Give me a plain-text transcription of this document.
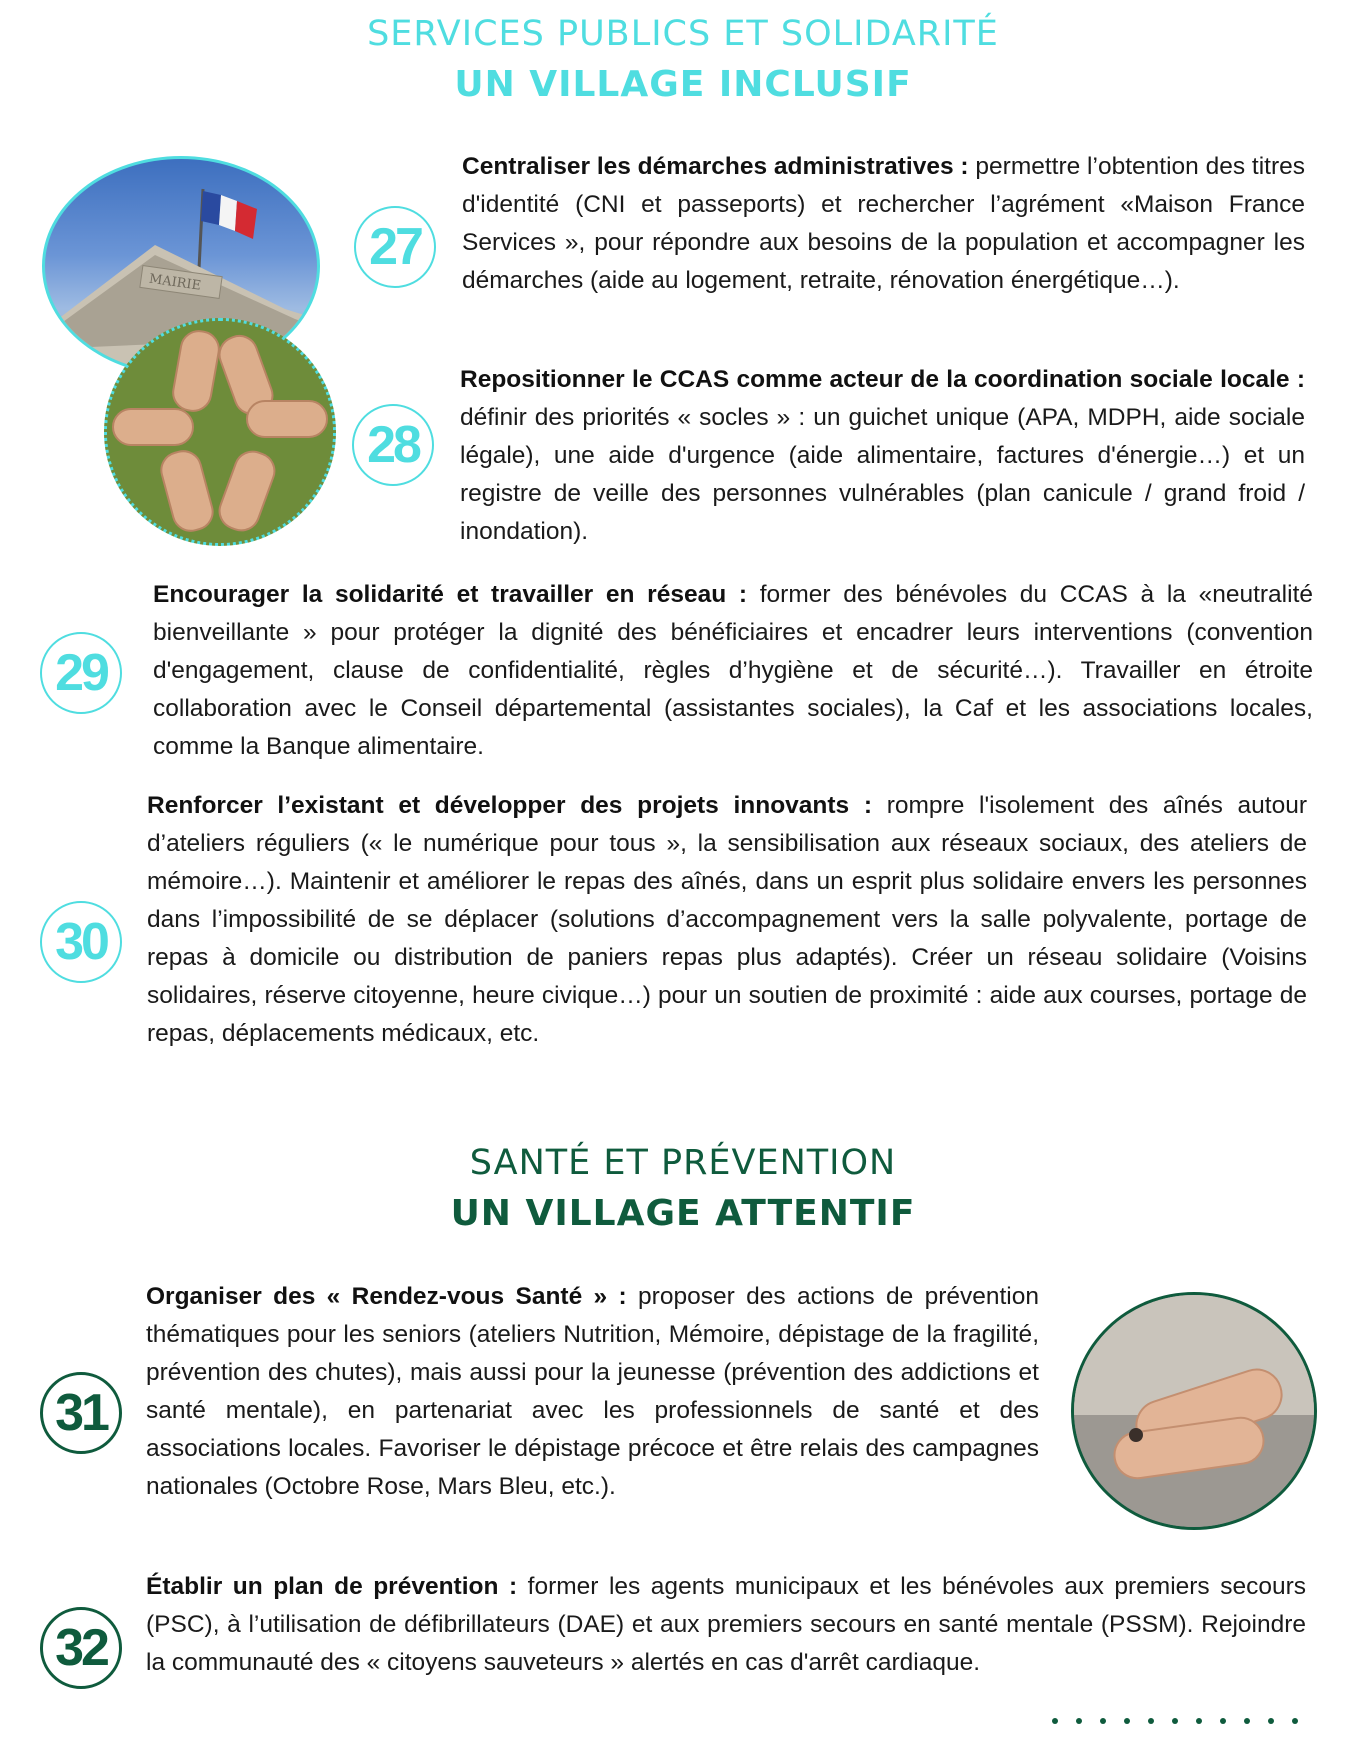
SERVICES PUBLICS ET SOLIDARITÉ
UN VILLAGE INCLUSIF
MAIRIE
27
Centraliser les démarches administratives : permettre l’obtention des titres d'identité (CNI et passeports) et rechercher l’agrément «Maison France Services », pour répondre aux besoins de la population et accompagner les démarches (aide au logement, retraite, rénovation énergétique…).
28
Repositionner le CCAS comme acteur de la coordination sociale locale : définir des priorités « socles » : un guichet unique (APA, MDPH, aide sociale légale), une aide d'urgence (aide alimentaire, factures d'énergie…) et un registre de veille des personnes vulnérables (plan canicule / grand froid / inondation).
29
Encourager la solidarité et travailler en réseau : former des bénévoles du CCAS à la «neutralité bienveillante » pour protéger la dignité des bénéficiaires et encadrer leurs interventions (convention d'engagement, clause de confidentialité, règles d’hygiène et de sécurité…). Travailler en étroite collaboration avec le Conseil départemental (assistantes sociales), la Caf et les associations locales, comme la Banque alimentaire.
30
Renforcer l’existant et développer des projets innovants : rompre l'isolement des aînés autour d’ateliers réguliers (« le numérique pour tous », la sensibilisation aux réseaux sociaux, des ateliers de mémoire…). Maintenir et améliorer le repas des aînés, dans un esprit plus solidaire envers les personnes dans l’impossibilité de se déplacer (solutions d’accompagnement vers la salle polyvalente, portage de repas à domicile ou distribution de paniers repas plus adaptés). Créer un réseau solidaire (Voisins solidaires, réserve citoyenne, heure civique…) pour un soutien de proximité : aide aux courses, portage de repas, déplacements médicaux, etc.
SANTÉ ET PRÉVENTION
UN VILLAGE ATTENTIF
31
Organiser des « Rendez-vous Santé » : proposer des actions de prévention thématiques pour les seniors (ateliers Nutrition, Mémoire, dépistage de la fragilité, prévention des chutes), mais aussi pour la jeunesse (prévention des addictions et santé mentale), en partenariat avec les professionnels de santé et des associations locales. Favoriser le dépistage précoce et être relais des campagnes nationales (Octobre Rose, Mars Bleu, etc.).
32
Établir un plan de prévention : former les agents municipaux et les bénévoles aux premiers secours (PSC), à l’utilisation de défibrillateurs (DAE) et aux premiers secours en santé mentale (PSSM). Rejoindre la communauté des « citoyens sauveteurs » alertés en cas d'arrêt cardiaque.
